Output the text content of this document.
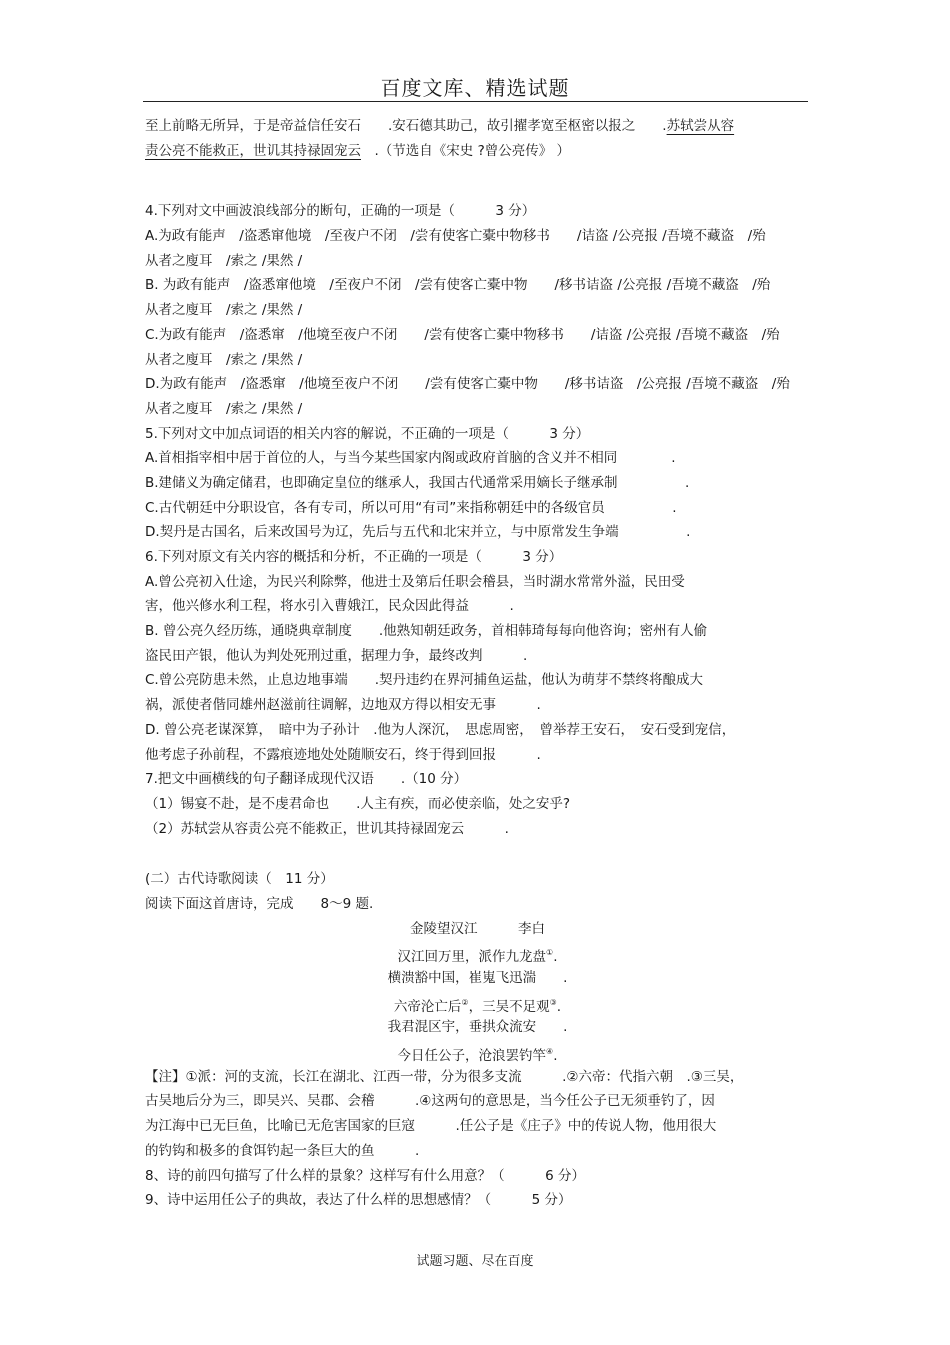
百度文库、精选试题

至上前略无所异，于是帝益信任安石　　.安石德其助己，故引擢孝宽至枢密以报之　　.苏轼尝从容

责公亮不能救正，世讥其持禄固宠云　.（节选自《宋史 ?曾公亮传》 ）

4.下列对文中画波浪线部分的断句，正确的一项是（　　　3 分）

A.为政有能声　/盗悉窜他境　/至夜户不闭　/尝有使客亡橐中物移书　　/诘盗 /公亮报 /吾境不藏盗　/殆

从者之廋耳　/索之 /果然 /

B. 为政有能声　/盗悉窜他境　/至夜户不闭　/尝有使客亡橐中物　　/移书诘盗 /公亮报 /吾境不藏盗　/殆

从者之廋耳　/索之 /果然 /

C.为政有能声　/盗悉窜　/他境至夜户不闭　　/尝有使客亡橐中物移书　　/诘盗 /公亮报 /吾境不藏盗　/殆

从者之廋耳　/索之 /果然 /

D.为政有能声　/盗悉窜　/他境至夜户不闭　　/尝有使客亡橐中物　　/移书诘盗　/公亮报 /吾境不藏盗　/殆

从者之廋耳　/索之 /果然 /

5.下列对文中加点词语的相关内容的解说，不正确的一项是（　　　3 分）

A.首相指宰相中居于首位的人，与当今某些国家内阁或政府首脑的含义并不相同　　　　.

B.建储义为确定储君，也即确定皇位的继承人，我国古代通常采用嫡长子继承制　　　　　.

C.古代朝廷中分职设官，各有专司，所以可用“有司”来指称朝廷中的各级官员　　　　　.

D.契丹是古国名，后来改国号为辽，先后与五代和北宋并立，与中原常发生争端　　　　　.

6.下列对原文有关内容的概括和分析，不正确的一项是（　　　3 分）

A.曾公亮初入仕途，为民兴利除弊，他进士及第后任职会稽县，当时湖水常常外溢，民田受

害，他兴修水利工程，将水引入曹娥江，民众因此得益　　　.

B. 曾公亮久经历练，通晓典章制度　　.他熟知朝廷政务，首相韩琦每每向他咨询；密州有人偷

盗民田产银，他认为判处死刑过重，据理力争，最终改判　　　.

C.曾公亮防患未然，止息边地事端　　.契丹违约在界河捕鱼运盐，他认为萌芽不禁终将酿成大

祸，派使者偕同雄州赵滋前往调解，边地双方得以相安无事　　　.

D. 曾公亮老谋深算，　暗中为子孙计　.他为人深沉，　思虑周密，　曾举荐王安石，　安石受到宠信，

他考虑子孙前程，不露痕迹地处处随顺安石，终于得到回报　　　.

7.把文中画横线的句子翻译成现代汉语　　.（10 分）

（1）锡宴不赴，是不虔君命也　　.人主有疾，而必使亲临，处之安乎?

（2）苏轼尝从容责公亮不能救正，世讥其持禄固宠云　　　.

(二）古代诗歌阅读（　11 分）

阅读下面这首唐诗，完成　　8～9 题.

金陵望汉江　　　李白

汉江回万里，派作九龙盘①.

横溃豁中国，崔嵬飞迅湍　　.

六帝沦亡后②，三吴不足观③.

我君混区宇，垂拱众流安　　.

今日任公子，沧浪罢钓竿④.

【注】①派：河的支流，长江在湖北、江西一带，分为很多支流　　　.②六帝：代指六朝　.③三吴，

古吴地后分为三，即吴兴、吴郡、会稽　　　.④这两句的意思是，当今任公子已无须垂钓了，因

为江海中已无巨鱼，比喻已无危害国家的巨寇　　　.任公子是《庄子》中的传说人物，他用很大

的钓钩和极多的食饵钓起一条巨大的鱼　　　.

8、诗的前四句描写了什么样的景象？这样写有什么用意？（　　　6 分）

9、诗中运用任公子的典故，表达了什么样的思想感情？（　　　5 分）

试题习题、尽在百度
